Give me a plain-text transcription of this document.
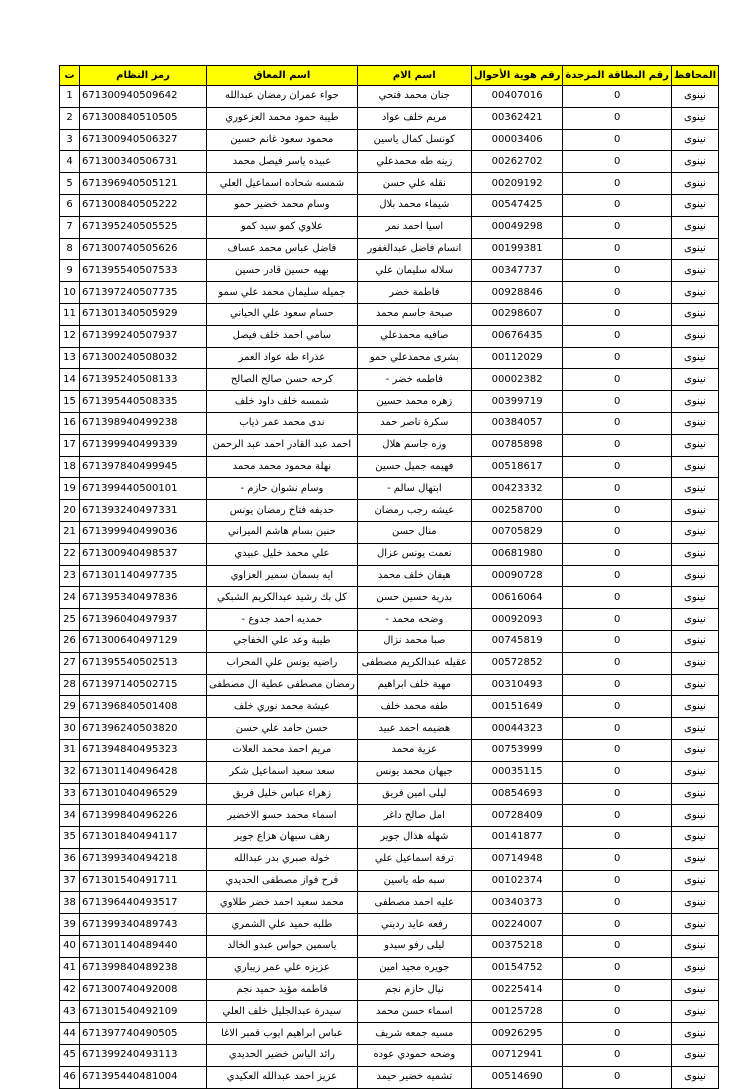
المحافظ	رقم البطاقة المزجدة	رقم هوية الأحوال	اسم الام	اسم المعاق	رمز النظام	ت
نينوى	0	00407016	جنان محمد فتحي	حواء عمران رمضان عبدالله	671300940509642	1
نينوى	0	00362421	مريم خلف عواد	طيبة حمود محمد العزعوري	671300840510505	2
نينوى	0	00003406	كونسل كمال ياسين	محمود سعود غانم حسين	671300940506327	3
نينوى	0	00262702	زينه طه محمدعلي	عبيده ياسر فيصل محمد	671300340506731	4
نينوى	0	00209192	نقله علي حسن	شمسه شحاده اسماعيل العلي	671396940505121	5
نينوى	0	00547425	شيماء محمد بلال	وسام محمد خضير حمو	671300840505222	6
نينوى	0	00049298	اسيا احمد نمر	علاوي كمو سيد كمو	671395240505525	7
نينوى	0	00199381	انسام فاضل عبدالغفور	فاضل عباس محمد عساف	671300740505626	8
نينوى	0	00347737	سلاله سليمان علي	بهيه حسين قادر حسين	671395540507533	9
نينوى	0	00928846	فاطمة خضر	جميله سليمان محمد علي سمو	671397240507735	10
نينوى	0	00298607	صبحة جاسم محمد	حسام سعود علي الحياني	671301340505929	11
نينوى	0	00676435	صافيه محمدعلي	سامي احمد خلف فيصل	671399240507937	12
نينوى	0	00112029	بشرى محمدعلي حمو	عذراء طه عواد العمر	671300240508032	13
نينوى	0	00002382	فاطمه خضر -	كرحه حسن صالح الصالح	671395240508133	14
نينوى	0	00399719	زهره محمد حسين	شمسه خلف داود خلف	671395440508335	15
نينوى	0	00384057	سكرة ناصر حمد	ندى محمد عمر ذياب	671398940499238	16
نينوى	0	00785898	وزه جاسم هلال	احمد عبد القادر احمد عبد الرحمن	671399940499339	17
نينوى	0	00518617	فهيمه جميل حسين	نهلة محمود محمد محمد	671397840499945	18
نينوى	0	00423332	ابتهال سالم -	وسام نشوان حازم -	671399440500101	19
نينوى	0	00258700	عيشه رجب رمضان	حديفه فتاح رمضان يونس	671393240497331	20
نينوى	0	00705829	منال حسن	حنين بسام هاشم الميراني	671399940499036	21
نينوى	0	00681980	نعمت يونس عزال	علي محمد خليل عبيدي	671300940498537	22
نينوى	0	00090728	هيفان خلف محمد	ايه بسمان سمير العزاوي	671301140497735	23
نينوى	0	00616064	بدرية حسين حسن	كل بك رشيد عبدالكريم الشبكي	671395340497836	24
نينوى	0	00092093	وضحه محمد -	حمديه احمد جدوع -	671396040497937	25
نينوى	0	00745819	صبا محمد نزال	طيبة وعد علي الخفاجي	671300640497129	26
نينوى	0	00572852	عقيله عبدالكريم مصطفى	راضيه يونس علي المحراب	671395540502513	27
نينوى	0	00310493	مهية خلف ابراهيم	رمضان مصطفى عطية ال مصطفى	671397140502715	28
نينوى	0	00151649	طفه محمد خلف	عيشة محمد نوري خلف	671396840501408	29
نينوى	0	00044323	هضيمه احمد عبيد	حسن حامد علي حسن	671396240503820	30
نينوى	0	00753999	عزية محمد	مريم احمد محمد العلات	671394840495323	31
نينوى	0	00035115	جيهان محمد يونس	سعد سعيد اسماعيل شكر	671301140496428	32
نينوى	0	00854693	ليلى امين فريق	زهراء عباس خليل فريق	671301040496529	33
نينوى	0	00728409	امل صالح داغر	اسماء محمد حسو الاخضير	671399840496226	34
نينوى	0	00141877	شهله هذال جوير	رهف سبهان هزاع جوير	671301840494117	35
نينوى	0	00714948	ترفة اسماعيل علي	خولة صبري بدر عبدالله	671399340494218	36
نينوى	0	00102374	سبه طه ياسين	فرح فواز مصطفى الحديدي	671301540491711	37
نينوى	0	00340373	عليه احمد مصطفى	محمد سعيد احمد خضر طلاوي	671396440493517	38
نينوى	0	00224007	رفعه عايد رديني	طلبه حميد علي الشمري	671399340489743	39
نينوى	0	00375218	ليلى رفو سيدو	ياسمين حواس عبدو الخالد	671301140489440	40
نينوى	0	00154752	جويره مجيد امين	عزيزه علي عمر زيباري	671399840489238	41
نينوى	0	00225414	نيال حازم نجم	فاطمه مؤيد حميد نجم	671300740492008	42
نينوى	0	00125728	اسماء حسن محمد	سيدرة عبدالجليل خلف العلي	671301540492109	43
نينوى	0	00926295	مسيه جمعه شريف	عباس ابراهيم ايوب قمبر الاغا	671397740490505	44
نينوى	0	00712941	وضحه حمودي عوده	رائد الياس خضير الحديدي	671399240493113	45
نينوى	0	00514690	تشميه خضير حيمد	عزيز احمد عبدالله العكيدي	671395440481004	46
